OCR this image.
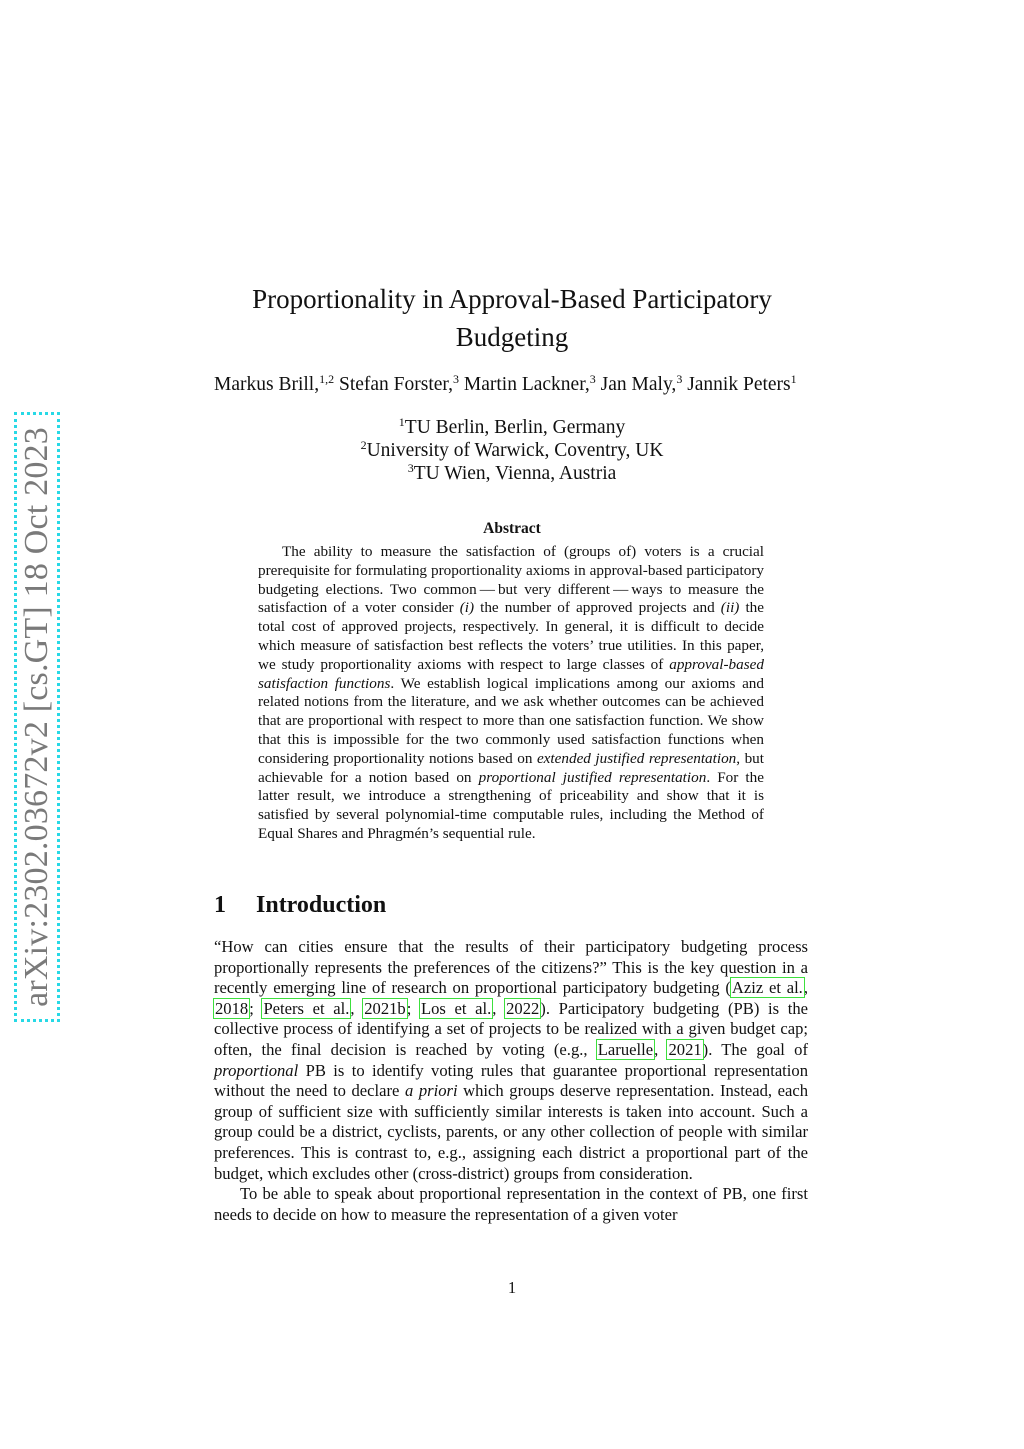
arXiv:2302.03672v2 [cs.GT] 18 Oct 2023
Proportionality in Approval-Based Participatory
Budgeting
Markus Brill,$^{1,2}$ Stefan Forster,$^3$ Martin Lackner,$^3$ Jan Maly,$^3$ Jannik Peters$^1$
$^1$TU Berlin, Berlin, Germany
$^2$University of Warwick, Coventry, UK
$^3$TU Wien, Vienna, Austria
Abstract

The ability to measure the satisfaction of (groups of) voters is a crucial prerequisite for formulating proportionality axioms in approval-based participatory budgeting elections. Two common — but very different — ways to measure the satisfaction of a voter consider (i) the number of approved projects and (ii) the total cost of approved projects, respectively. In general, it is difficult to decide which measure of satisfaction best reflects the voters’ true utilities. In this paper, we study proportionality axioms with respect to large classes of approval-based satisfaction functions. We establish logical implications among our axioms and related notions from the literature, and we ask whether outcomes can be achieved that are proportional with respect to more than one satisfaction function. We show that this is impossible for the two commonly used satisfaction functions when considering proportionality notions based on extended justified representation, but achievable for a notion based on proportional justified representation. For the latter result, we introduce a strengthening of priceability and show that it is satisfied by several polynomial-time computable rules, including the Method of Equal Shares and Phragmén’s sequential rule.

1 Introduction

“How can cities ensure that the results of their participatory budgeting process proportionally represents the preferences of the citizens?” This is the key question in a recently emerging line of research on proportional participatory budgeting (Aziz et al., 2018; Peters et al., 2021b; Los et al., 2022). Participatory budgeting (PB) is the collective process of identifying a set of projects to be realized with a given budget cap; often, the final decision is reached by voting (e.g., Laruelle, 2021). The goal of proportional PB is to identify voting rules that guarantee proportional representation without the need to declare a priori which groups deserve representation. Instead, each group of sufficient size with sufficiently similar interests is taken into account. Such a group could be a district, cyclists, parents, or any other collection of people with similar preferences. This is contrast to, e.g., assigning each district a proportional part of the budget, which excludes other (cross-district) groups from consideration.

To be able to speak about proportional representation in the context of PB, one first needs to decide on how to measure the representation of a given voter

1
